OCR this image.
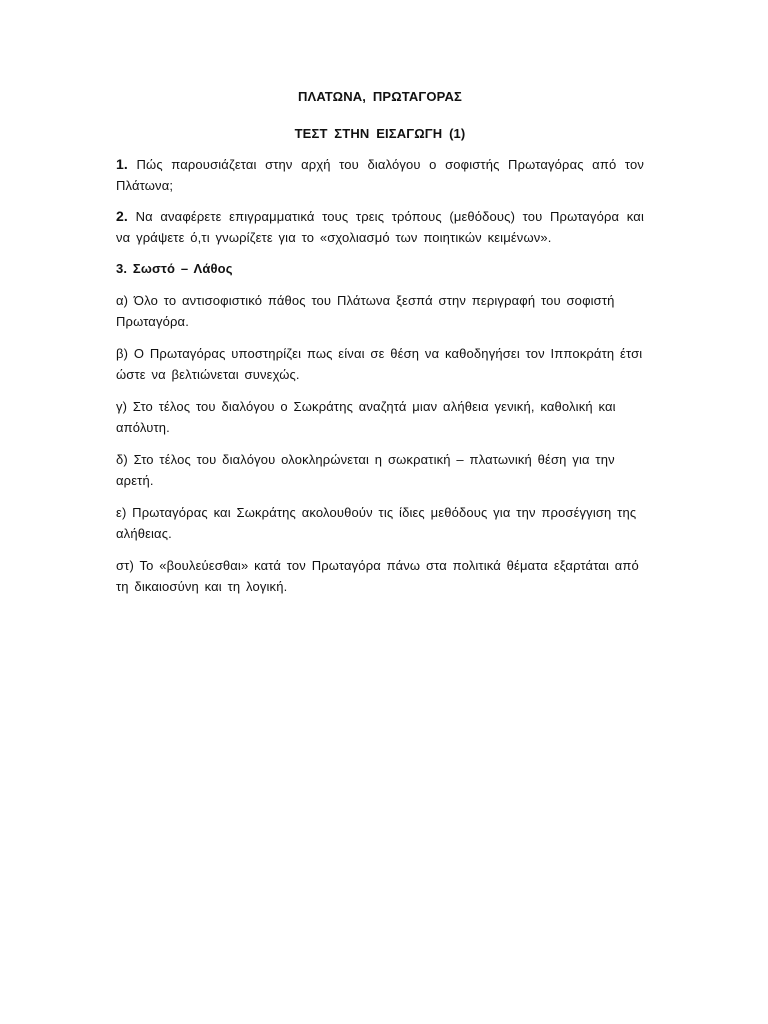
ΠΛΑΤΩΝΑ, ΠΡΩΤΑΓΟΡΑΣ
ΤΕΣΤ ΣΤΗΝ ΕΙΣΑΓΩΓΗ (1)

1. Πώς παρουσιάζεται στην αρχή του διαλόγου ο σοφιστής Πρωταγόρας από τον Πλάτωνα;

2. Να αναφέρετε επιγραμματικά τους τρεις τρόπους (μεθόδους) του Πρωταγόρα και να γράψετε ό,τι γνωρίζετε για το «σχολιασμό των ποιητικών κειμένων».

3. Σωστό – Λάθος

α) Όλο το αντισοφιστικό πάθος του Πλάτωνα ξεσπά στην περιγραφή του σοφιστή Πρωταγόρα.

β) Ο Πρωταγόρας υποστηρίζει πως είναι σε θέση να καθοδηγήσει τον Ιπποκράτη έτσι ώστε να βελτιώνεται συνεχώς.

γ) Στο τέλος του διαλόγου ο Σωκράτης αναζητά μιαν αλήθεια γενική, καθολική και απόλυτη.

δ) Στο τέλος του διαλόγου ολοκληρώνεται η σωκρατική – πλατωνική θέση για την αρετή.

ε) Πρωταγόρας και Σωκράτης ακολουθούν τις ίδιες μεθόδους για την προσέγγιση της αλήθειας.

στ) Το «βουλεύεσθαι» κατά τον Πρωταγόρα πάνω στα πολιτικά θέματα εξαρτάται από τη δικαιοσύνη και τη λογική.
